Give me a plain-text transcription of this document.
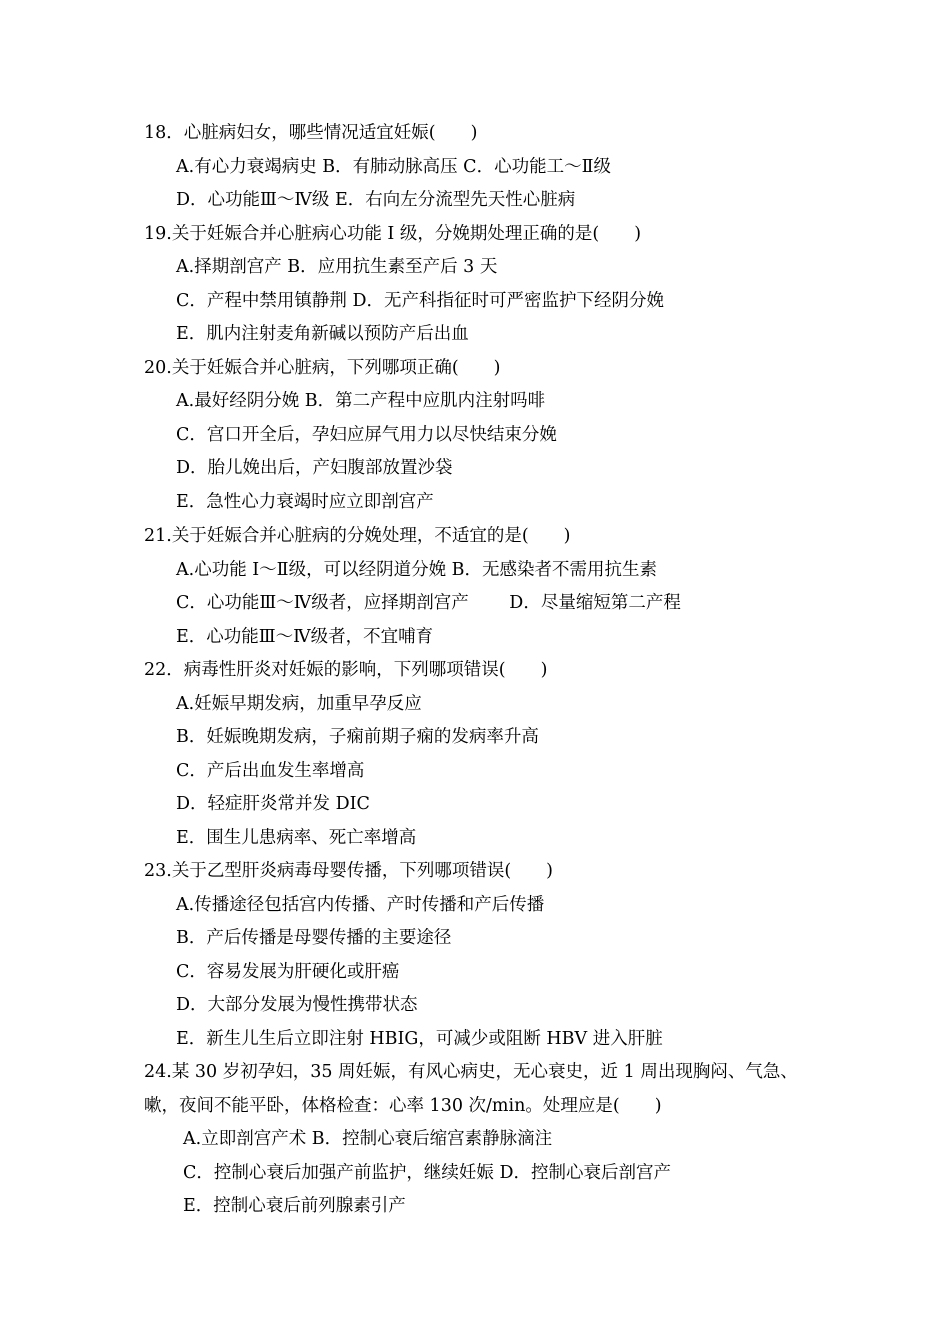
18．心脏病妇女，哪些情况适宜妊娠(　　)
A.有心力衰竭病史 B．有肺动脉高压 C．心功能工～Ⅱ级
D．心功能Ⅲ～Ⅳ级 E．右向左分流型先天性心脏病
19.关于妊娠合并心脏病心功能 I 级，分娩期处理正确的是(　　)
A.择期剖宫产 B．应用抗生素至产后 3 天
C．产程中禁用镇静荆 D．无产科指征时可严密监护下经阴分娩
E．肌内注射麦角新碱以预防产后出血
20.关于妊娠合并心脏病，下列哪项正确(　　)
A.最好经阴分娩 B．第二产程中应肌内注射吗啡
C．宫口开全后，孕妇应屏气用力以尽快结束分娩
D．胎儿娩出后，产妇腹部放置沙袋
E．急性心力衰竭时应立即剖宫产
21.关于妊娠合并心脏病的分娩处理，不适宜的是(　　)
A.心功能 I～Ⅱ级，可以经阴道分娩 B．无感染者不需用抗生素
C．心功能Ⅲ～Ⅳ级者，应择期剖宫产　　 D．尽量缩短第二产程
E．心功能Ⅲ～Ⅳ级者，不宜哺育
22．病毒性肝炎对妊娠的影响，下列哪项错误(　　)
A.妊娠早期发病，加重早孕反应
B．妊娠晚期发病，子痫前期子痫的发病率升高
C．产后出血发生率增高
D．轻症肝炎常并发 DIC
E．围生儿患病率、死亡率增高
23.关于乙型肝炎病毒母婴传播，下列哪项错误(　　)
A.传播途径包括宫内传播、产时传播和产后传播
B．产后传播是母婴传播的主要途径
C．容易发展为肝硬化或肝癌
D．大部分发展为慢性携带状态
E．新生儿生后立即注射 HBIG，可减少或阻断 HBV 进入肝脏
24.某 30 岁初孕妇，35 周妊娠，有风心病史，无心衰史，近 1 周出现胸闷、气急、
嗽，夜间不能平卧，体格检查：心率 130 次/min。处理应是(　　)
A.立即剖宫产术 B．控制心衰后缩宫素静脉滴注
C．控制心衰后加强产前监护，继续妊娠 D．控制心衰后剖宫产
E．控制心衰后前列腺素引产
